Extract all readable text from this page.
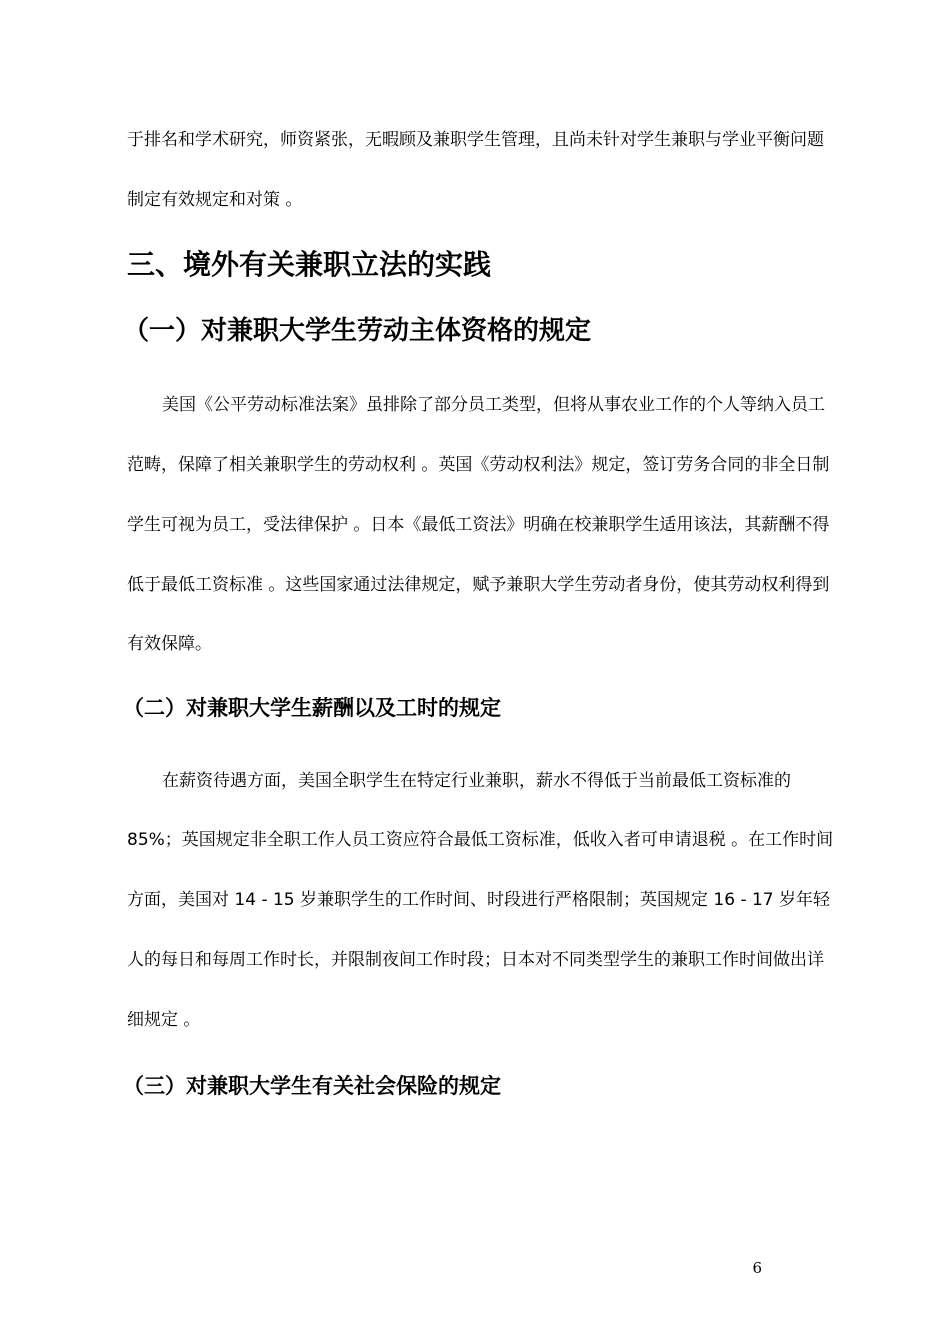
于排名和学术研究，师资紧张，无暇顾及兼职学生管理，且尚未针对学生兼职与学业平衡问题
制定有效规定和对策 。
三、境外有关兼职立法的实践
（一）对兼职大学生劳动主体资格的规定
美国《公平劳动标准法案》虽排除了部分员工类型，但将从事农业工作的个人等纳入员工
范畴，保障了相关兼职学生的劳动权利 。英国《劳动权利法》规定，签订劳务合同的非全日制
学生可视为员工，受法律保护 。日本《最低工资法》明确在校兼职学生适用该法，其薪酬不得
低于最低工资标准 。这些国家通过法律规定，赋予兼职大学生劳动者身份，使其劳动权利得到
有效保障。
（二）对兼职大学生薪酬以及工时的规定
在薪资待遇方面，美国全职学生在特定行业兼职，薪水不得低于当前最低工资标准的
85%；英国规定非全职工作人员工资应符合最低工资标准，低收入者可申请退税 。在工作时间
方面，美国对 14 - 15 岁兼职学生的工作时间、时段进行严格限制；英国规定 16 - 17 岁年轻
人的每日和每周工作时长，并限制夜间工作时段；日本对不同类型学生的兼职工作时间做出详
细规定 。
（三）对兼职大学生有关社会保险的规定
6
